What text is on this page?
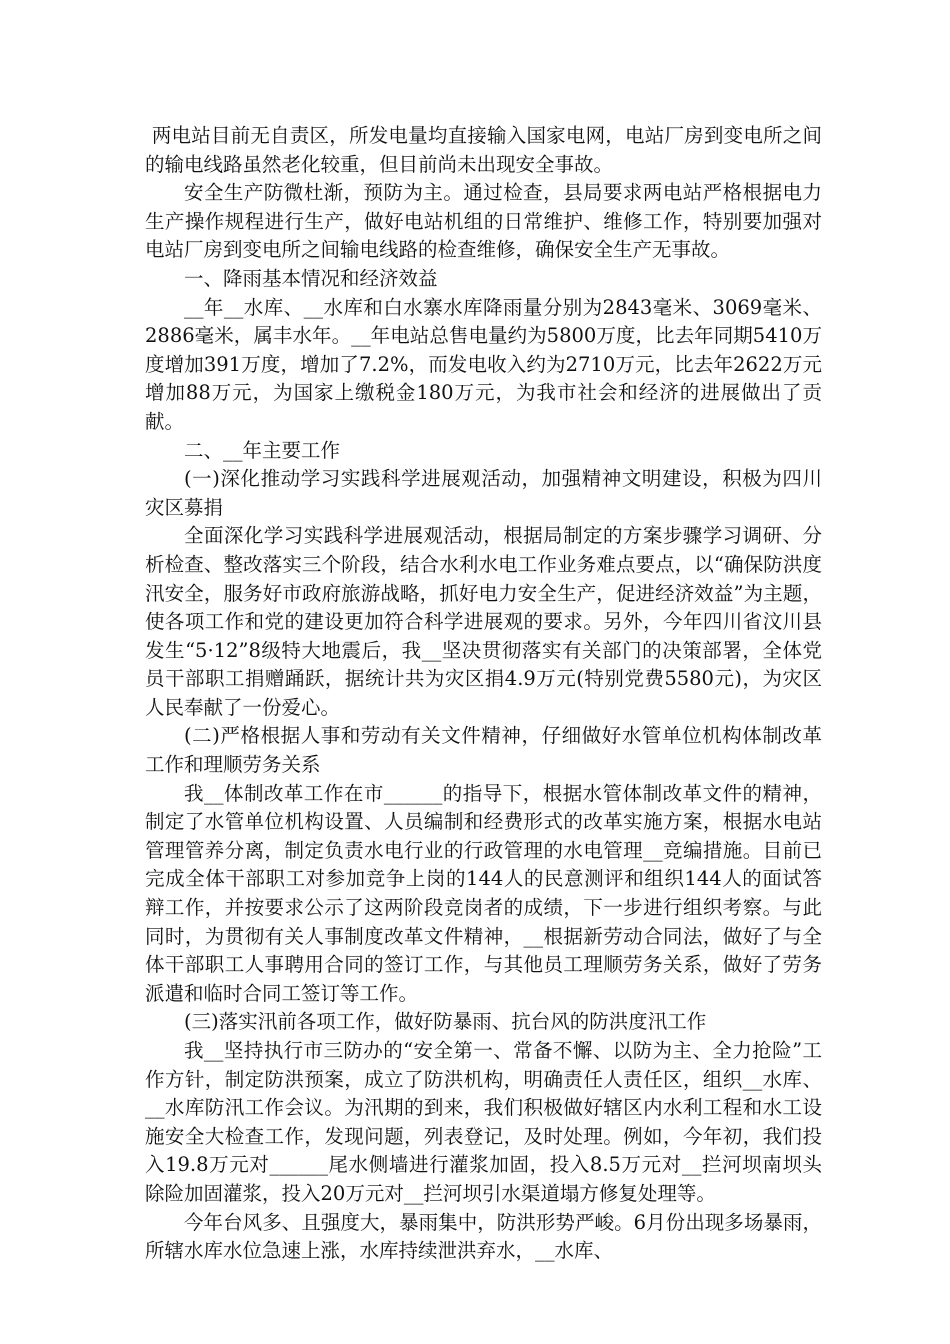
两电站目前无自责区，所发电量均直接输入国家电网，电站厂房到变电所之间的输电线路虽然老化较重，但目前尚未出现安全事故。

安全生产防微杜渐，预防为主。通过检查，县局要求两电站严格根据电力生产操作规程进行生产，做好电站机组的日常维护、维修工作，特别要加强对电站厂房到变电所之间输电线路的检查维修，确保安全生产无事故。

一、降雨基本情况和经济效益

__年__水库、__水库和白水寨水库降雨量分别为2843毫米、3069毫米、2886毫米，属丰水年。__年电站总售电量约为5800万度，比去年同期5410万度增加391万度，增加了7.2%，而发电收入约为2710万元，比去年2622万元增加88万元，为国家上缴税金180万元，为我市社会和经济的进展做出了贡献。

二、__年主要工作

(一)深化推动学习实践科学进展观活动，加强精神文明建设，积极为四川灾区募捐

全面深化学习实践科学进展观活动，根据局制定的方案步骤学习调研、分析检查、整改落实三个阶段，结合水利水电工作业务难点要点，以“确保防洪度汛安全，服务好市政府旅游战略，抓好电力安全生产，促进经济效益”为主题，使各项工作和党的建设更加符合科学进展观的要求。另外，今年四川省汶川县发生“5·12”8级特大地震后，我__坚决贯彻落实有关部门的决策部署，全体党员干部职工捐赠踊跃，据统计共为灾区捐4.9万元(特别党费5580元)，为灾区人民奉献了一份爱心。

(二)严格根据人事和劳动有关文件精神，仔细做好水管单位机构体制改革工作和理顺劳务关系

我__体制改革工作在市______的指导下，根据水管体制改革文件的精神，制定了水管单位机构设置、人员编制和经费形式的改革实施方案，根据水电站管理管养分离，制定负责水电行业的行政管理的水电管理__竞编措施。目前已完成全体干部职工对参加竞争上岗的144人的民意测评和组织144人的面试答辩工作，并按要求公示了这两阶段竞岗者的成绩，下一步进行组织考察。与此同时，为贯彻有关人事制度改革文件精神，__根据新劳动合同法，做好了与全体干部职工人事聘用合同的签订工作，与其他员工理顺劳务关系，做好了劳务派遣和临时合同工签订等工作。

(三)落实汛前各项工作，做好防暴雨、抗台风的防洪度汛工作

我__坚持执行市三防办的“安全第一、常备不懈、以防为主、全力抢险”工作方针，制定防洪预案，成立了防洪机构，明确责任人责任区，组织__水库、__水库防汛工作会议。为汛期的到来，我们积极做好辖区内水利工程和水工设施安全大检查工作，发现问题，列表登记，及时处理。例如，今年初，我们投入19.8万元对______尾水侧墙进行灌浆加固，投入8.5万元对__拦河坝南坝头除险加固灌浆，投入20万元对__拦河坝引水渠道塌方修复处理等。

今年台风多、且强度大，暴雨集中，防洪形势严峻。6月份出现多场暴雨，所辖水库水位急速上涨，水库持续泄洪弃水，__水库、
